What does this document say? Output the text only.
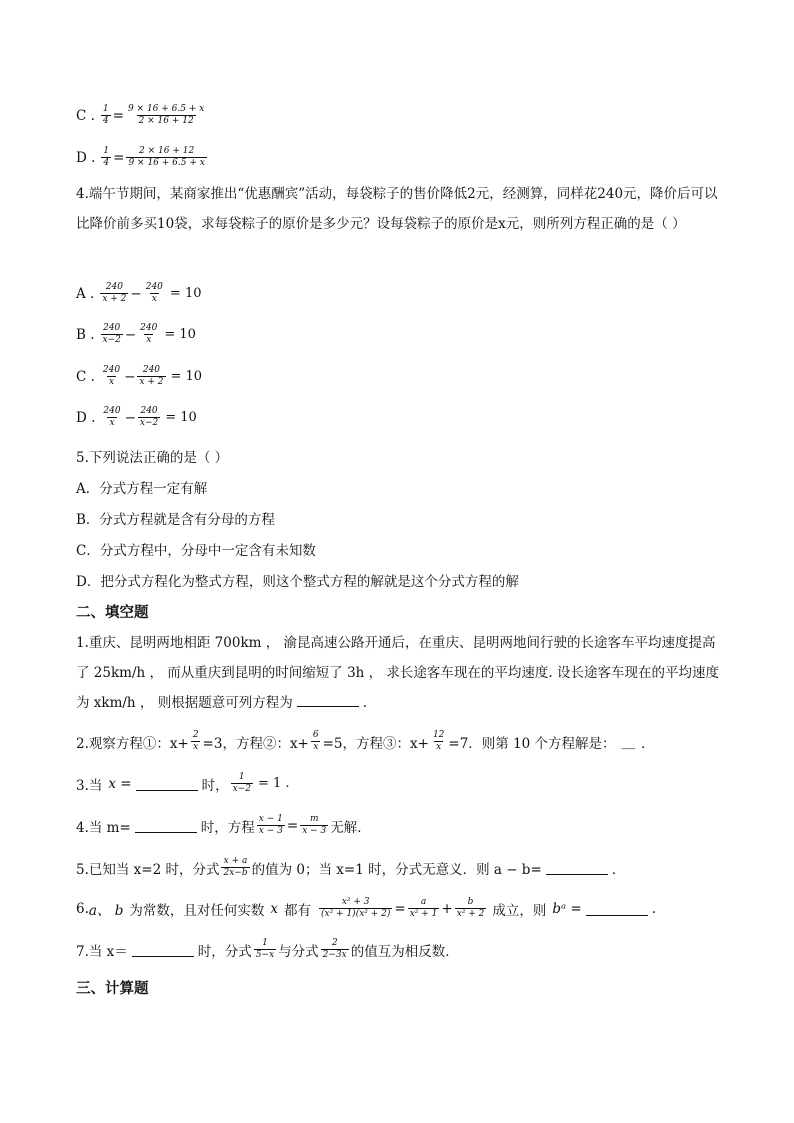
C . $\frac{1}{4} = \frac{9 \times 16 + 6.5 + x}{2 \times 16 + 12}$
D . $\frac{1}{4} = \frac{2 \times 16 + 12}{9 \times 16 + 6.5 + x}$
4.端午节期间，某商家推出“优惠酬宾”活动，每袋粽子的售价降低2元，经测算，同样花240元，降价后可以比降价前多买10袋，求每袋粽子的原价是多少元？设每袋粽子的原价是x元，则所列方程正确的是（ ）
A . $\frac{240}{x + 2} - \frac{240}{x} = 10$
B . $\frac{240}{x-2} - \frac{240}{x} = 10$
C . $\frac{240}{x} - \frac{240}{x + 2} = 10$
D . $\frac{240}{x} - \frac{240}{x-2} = 10$
5.下列说法正确的是（ ）
A．分式方程一定有解
B．分式方程就是含有分母的方程
C．分式方程中，分母中一定含有未知数
D．把分式方程化为整式方程，则这个整式方程的解就是这个分式方程的解
二、填空题
1.重庆、昆明两地相距 700km ， 渝昆高速公路开通后，在重庆、昆明两地间行驶的长途客车平均速度提高了 25km/h ， 而从重庆到昆明的时间缩短了 3h ， 求长途客车现在的平均速度. 设长途客车现在的平均速度为 xkm/h ， 则根据题意可列方程为	.
2.观察方程①：$x+ \frac{2}{x} =3$，方程②：$x+ \frac{6}{x} =5$，方程③：$x+ \frac{12}{x} =7$．则第 10 个方程解是： __ ．
3.当 x =	时， $\frac{1}{x-2} = 1$ .
4.当 m=	时，方程 $\frac{x - 1}{x - 3} = \frac{m}{x - 3}$ 无解．
5.已知当 x=2 时，分式 $\frac{x + a}{2x-b}$ 的值为 0；当 x=1 时，分式无意义．则 a − b=	．
6. a、 b 为常数，且对任何实数 x 都有 $\frac{\text{x² + 3}}{\text{(x² + 1)(x² + 2)}} = \frac{a}{\text{x² + 1}} + \frac{b}{\text{x² + 2}}$ 成立，则 bᵃ =	.
7.当 x＝	时，分式 $\frac{1}{5-x}$ 与分式 $\frac{2}{2-3x}$ 的值互为相反数．
三、计算题
